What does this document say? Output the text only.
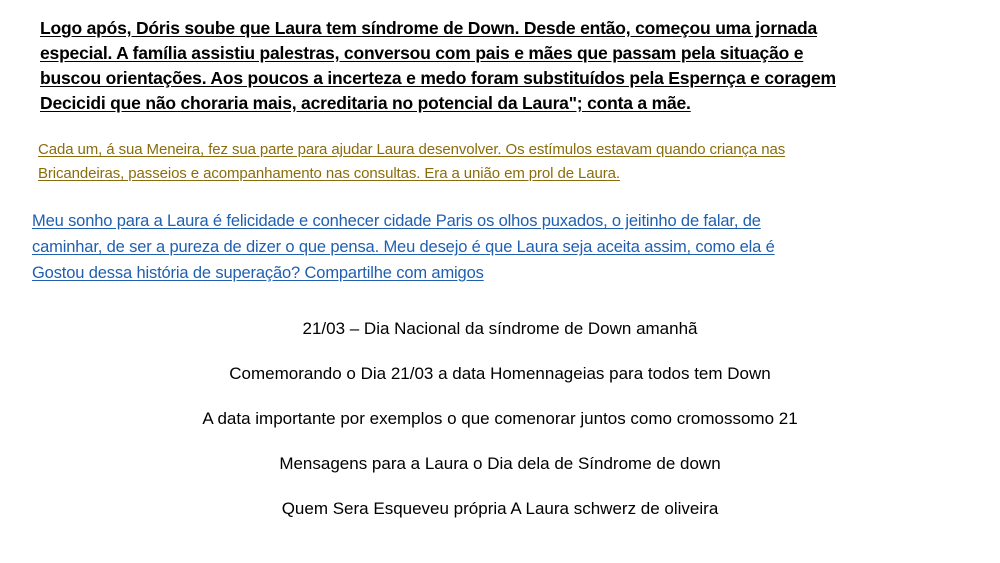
Logo após, Dóris soube que Laura tem síndrome de Down. Desde então, começou uma jornada
especial. A família assistiu palestras, conversou com pais e mães que passam pela situação e
buscou orientações. Aos poucos a incerteza e medo foram substituídos pela Espernça e coragem
Decicidi que não choraria mais, acreditaria no potencial da Laura"; conta a mãe.
Cada um, á sua Meneira, fez sua parte para ajudar Laura desenvolver. Os estímulos estavam quando criança nas
Bricandeiras, passeios e acompanhamento nas consultas. Era a união em prol de Laura.
Meu sonho para a Laura é felicidade e conhecer cidade Paris os olhos puxados, o jeitinho de falar, de
caminhar, de ser a pureza de dizer o que pensa. Meu desejo é que Laura seja aceita assim, como ela é
Gostou dessa história de superação? Compartilhe com amigos
21/03 – Dia Nacional da síndrome de Down amanhã
Comemorando o Dia 21/03 a data Homennageias para todos tem Down
A data importante por exemplos o que comenorar juntos como cromossomo 21
Mensagens para a Laura o Dia dela de Síndrome de down
Quem Sera Esqueveu própria A Laura schwerz de oliveira
